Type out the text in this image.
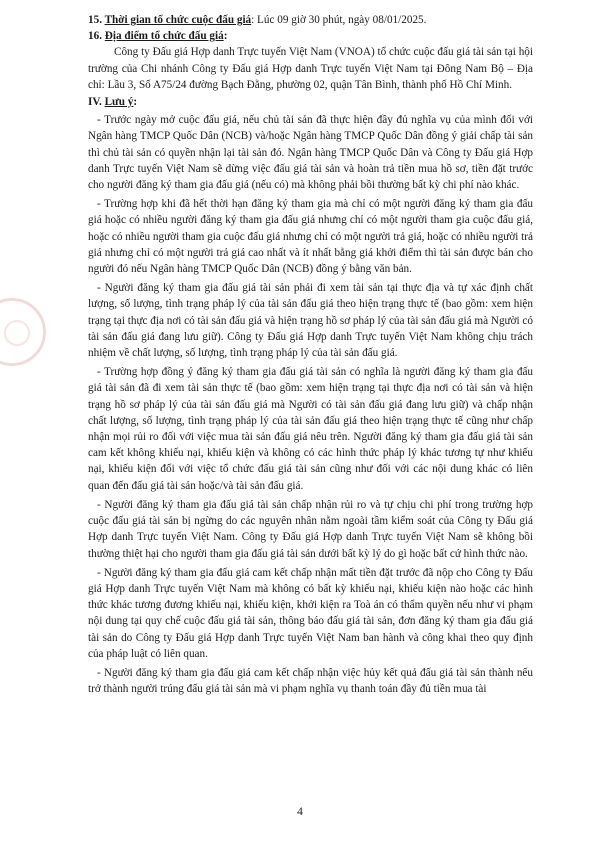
15. Thời gian tổ chức cuộc đấu giá: Lúc 09 giờ 30 phút, ngày 08/01/2025.

16. Địa điểm tổ chức đấu giá:

Công ty Đấu giá Hợp danh Trực tuyến Việt Nam (VNOA) tổ chức cuộc đấu giá tài sản tại hội trường của Chi nhánh Công ty Đấu giá Hợp danh Trực tuyến Việt Nam tại Đông Nam Bộ – Địa chỉ: Lầu 3, Số A75/24 đường Bạch Đằng, phường 02, quận Tân Bình, thành phố Hồ Chí Minh.

IV. Lưu ý:

- Trước ngày mở cuộc đấu giá, nếu chủ tài sản đã thực hiện đầy đủ nghĩa vụ của mình đối với Ngân hàng TMCP Quốc Dân (NCB) và/hoặc Ngân hàng TMCP Quốc Dân đồng ý giải chấp tài sản thì chủ tài sản có quyền nhận lại tài sản đó. Ngân hàng TMCP Quốc Dân và Công ty Đấu giá Hợp danh Trực tuyến Việt Nam sẽ dừng việc đấu giá tài sản và hoàn trả tiền mua hồ sơ, tiền đặt trước cho người đăng ký tham gia đấu giá (nếu có) mà không phải bồi thường bất kỳ chi phí nào khác.

- Trường hợp khi đã hết thời hạn đăng ký tham gia mà chỉ có một người đăng ký tham gia đấu giá hoặc có nhiều người đăng ký tham gia đấu giá nhưng chỉ có một người tham gia cuộc đấu giá, hoặc có nhiều người tham gia cuộc đấu giá nhưng chỉ có một người trả giá, hoặc có nhiều người trả giá nhưng chỉ có một người trả giá cao nhất và ít nhất bằng giá khởi điểm thì tài sản được bán cho người đó nếu Ngân hàng TMCP Quốc Dân (NCB) đồng ý bằng văn bản.

- Người đăng ký tham gia đấu giá tài sản phải đi xem tài sản tại thực địa và tự xác định chất lượng, số lượng, tình trạng pháp lý của tài sản đấu giá theo hiện trạng thực tế (bao gồm: xem hiện trạng tại thực địa nơi có tài sản đấu giá và hiện trạng hồ sơ pháp lý của tài sản đấu giá mà Người có tài sản đấu giá đang lưu giữ). Công ty Đấu giá Hợp danh Trực tuyến Việt Nam không chịu trách nhiệm về chất lượng, số lượng, tình trạng pháp lý của tài sản đấu giá.

- Trường hợp đồng ý đăng ký tham gia đấu giá tài sản có nghĩa là người đăng ký tham gia đấu giá tài sản đã đi xem tài sản thực tế (bao gồm: xem hiện trạng tại thực địa nơi có tài sản và hiện trạng hồ sơ pháp lý của tài sản đấu giá mà Người có tài sản đấu giá đang lưu giữ) và chấp nhận chất lượng, số lượng, tình trạng pháp lý của tài sản đấu giá theo hiện trạng thực tế cũng như chấp nhận mọi rủi ro đối với việc mua tài sản đấu giá nêu trên. Người đăng ký tham gia đấu giá tài sản cam kết không khiếu nại, khiếu kiện và không có các hình thức pháp lý khác tương tự như khiếu nại, khiếu kiện đối với việc tổ chức đấu giá tài sản cũng như đối với các nội dung khác có liên quan đến đấu giá tài sản hoặc/và tài sản đấu giá.

- Người đăng ký tham gia đấu giá tài sản chấp nhận rủi ro và tự chịu chi phí trong trường hợp cuộc đấu giá tài sản bị ngừng do các nguyên nhân nằm ngoài tầm kiểm soát của Công ty Đấu giá Hợp danh Trực tuyến Việt Nam. Công ty Đấu giá Hợp danh Trực tuyến Việt Nam sẽ không bồi thường thiệt hại cho người tham gia đấu giá tài sản dưới bất kỳ lý do gì hoặc bất cứ hình thức nào.

- Người đăng ký tham gia đấu giá cam kết chấp nhận mất tiền đặt trước đã nộp cho Công ty Đấu giá Hợp danh Trực tuyến Việt Nam mà không có bất kỳ khiếu nại, khiếu kiện nào hoặc các hình thức khác tương đương khiếu nại, khiếu kiện, khởi kiện ra Toà án có thẩm quyền nếu như vi phạm nội dung tại quy chế cuộc đấu giá tài sản, thông báo đấu giá tài sản, đơn đăng ký tham gia đấu giá tài sản do Công ty Đấu giá Hợp danh Trực tuyến Việt Nam ban hành và công khai theo quy định của pháp luật có liên quan.

- Người đăng ký tham gia đấu giá cam kết chấp nhận việc hủy kết quả đấu giá tài sản thành nếu trở thành người trúng đấu giá tài sản mà vi phạm nghĩa vụ thanh toán đầy đủ tiền mua tài

4
